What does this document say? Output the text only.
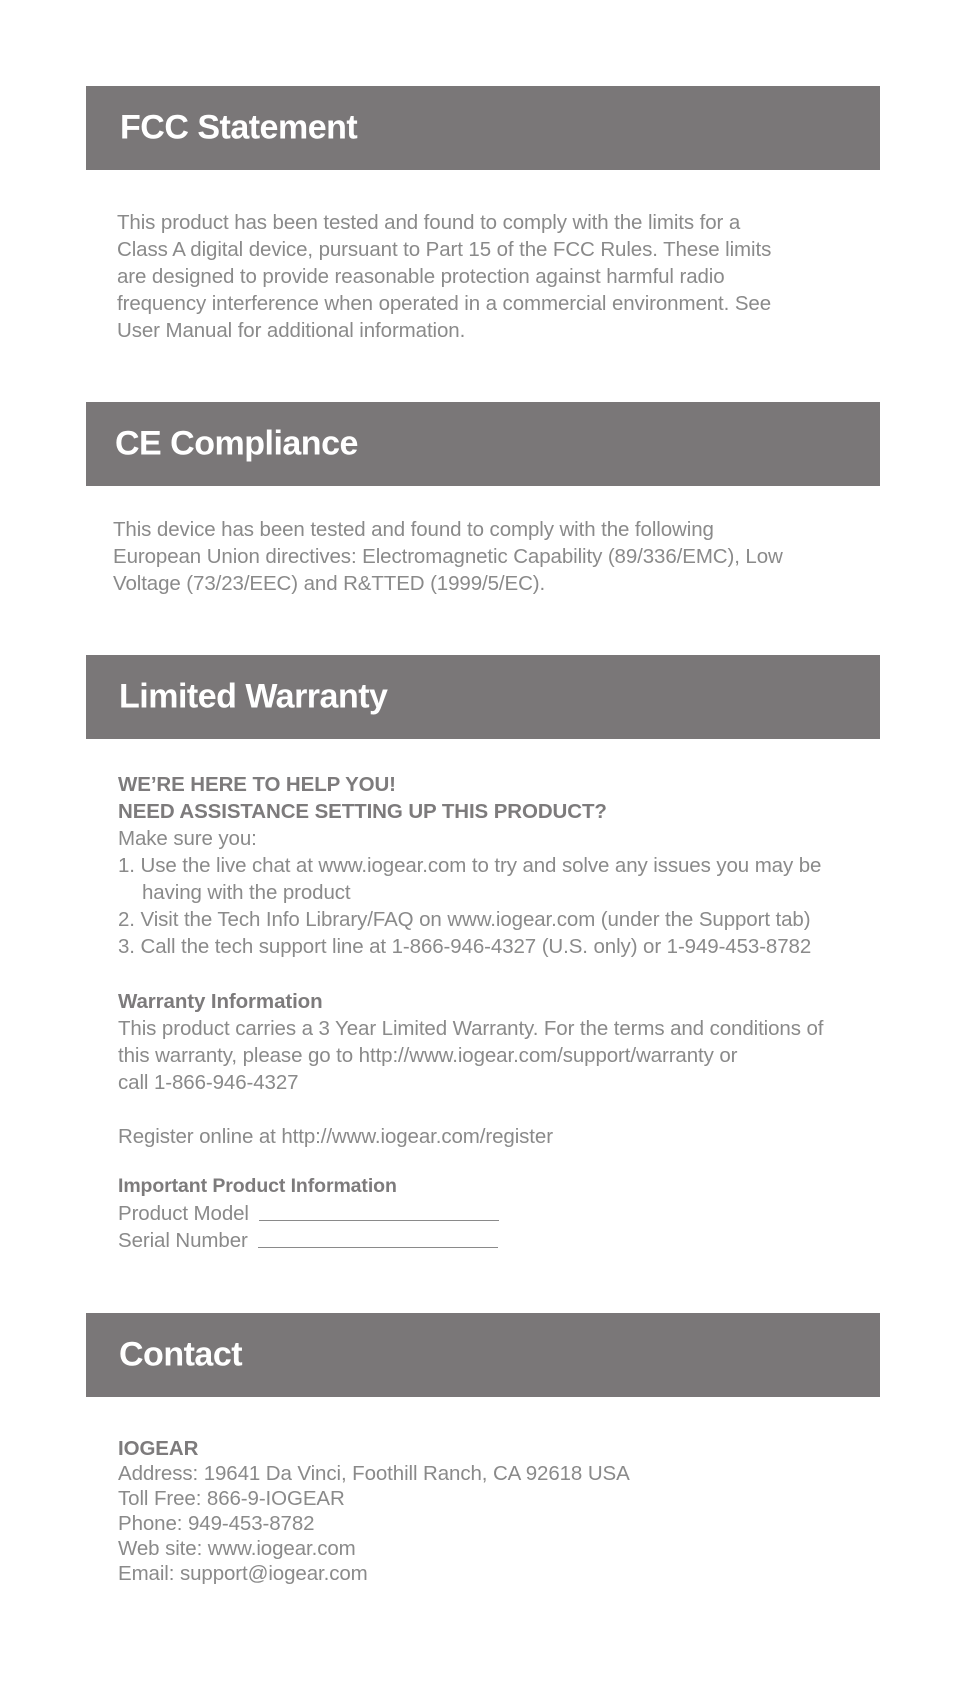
FCC Statement

This product has been tested and found to comply with the limits for a
Class A digital device, pursuant to Part 15 of the FCC Rules. These limits
are designed to provide reasonable protection against harmful radio
frequency interference when operated in a commercial environment. See
User Manual for additional information.

CE Compliance

This device has been tested and found to comply with the following
European Union directives: Electromagnetic Capability (89/336/EMC), Low
Voltage (73/23/EEC) and R&TTED (1999/5/EC).

Limited Warranty
WE’RE HERE TO HELP YOU!
NEED ASSISTANCE SETTING UP THIS PRODUCT?
Make sure you:
1. Use the live chat at www.iogear.com to try and solve any issues you may be
having with the product
2. Visit the Tech Info Library/FAQ on www.iogear.com (under the Support tab)
3. Call the tech support line at 1-866-946-4327 (U.S. only) or 1-949-453-8782
Warranty Information
This product carries a 3 Year Limited Warranty. For the terms and conditions of
this warranty, please go to http://www.iogear.com/support/warranty or
call 1-866-946-4327

Register online at http://www.iogear.com/register

Important Product Information
Product Model
Serial Number
Contact
IOGEAR
Address: 19641 Da Vinci, Foothill Ranch, CA 92618 USA
Toll Free: 866-9-IOGEAR
Phone: 949-453-8782
Web site: www.iogear.com
Email: support@iogear.com
